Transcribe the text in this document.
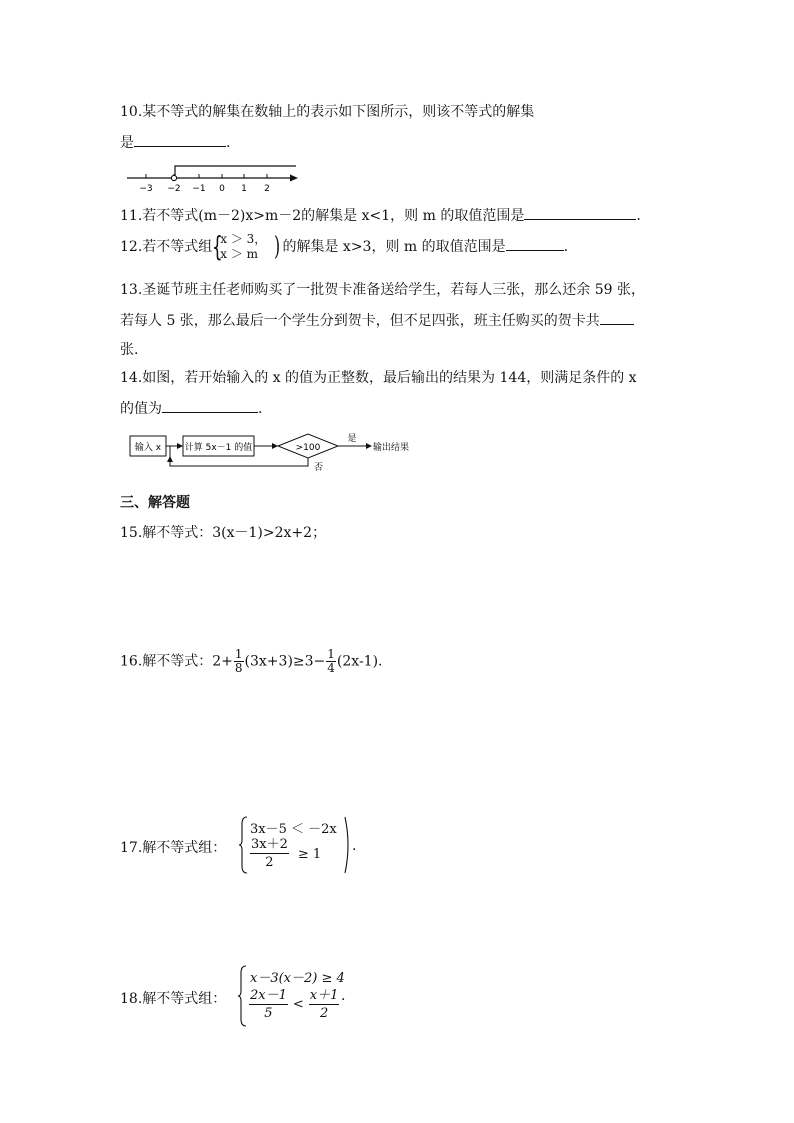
10.某不等式的解集在数轴上的表示如下图所示，则该不等式的解集
是	.
−3 −2 −1 0 1 2
11.若不等式(m－2)x>m－2的解集是 x<1，则 m 的取值范围是	.
12.若不等式组 {
x ＞ 3，
x ＞ m ) 的解集是 x>3，则 m 的取值范围是	.
13.圣诞节班主任老师购买了一批贺卡准备送给学生，若每人三张，那么还余 59 张，
若每人 5 张，那么最后一个学生分到贺卡，但不足四张，班主任购买的贺卡共
张.
14.如图，若开始输入的 x 的值为正整数，最后输出的结果为 144，则满足条件的 x
的值为	.
输入 x	计算 5x－1 的值	>100
是
输出结果
否
三、解答题
15.解不等式：3(x－1)>2x+2；
16.解不等式：$2+ \frac{1}{8} (3x+3)\ge 3- \frac{1}{4} (2x-1)$.
17.解不等式组：
3x－5 ＜ －2x
$\frac{3x+2}{2} \ge 1$ .
18.解不等式组：
x－3(x－2) ≥ 4
$\frac{2x-1}{5} < \frac{x+1}{2}$ .
